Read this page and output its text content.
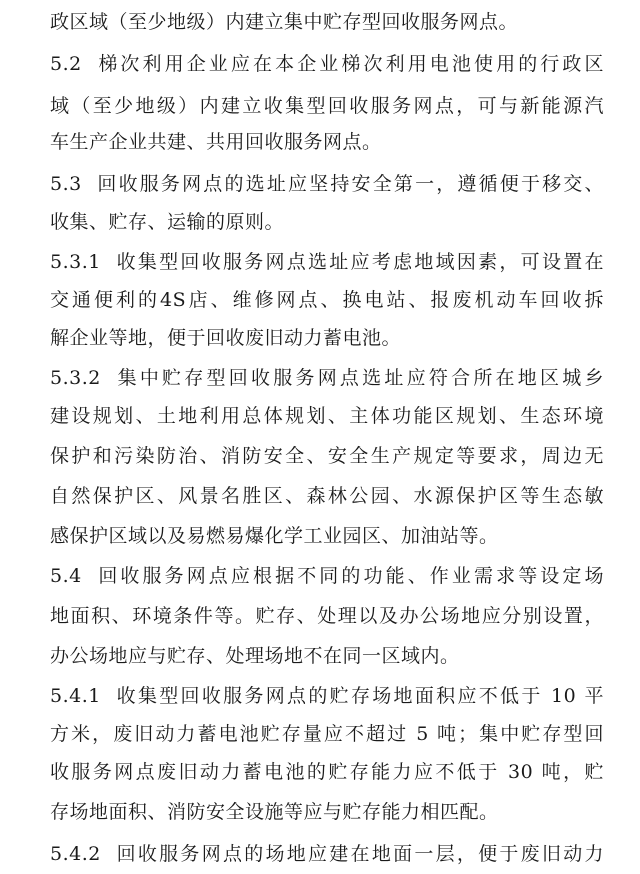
政区域（至少地级）内建立集中贮存型回收服务网点。
5.2 梯次利用企业应在本企业梯次利用电池使用的行政区
域（至少地级）内建立收集型回收服务网点，可与新能源汽
车生产企业共建、共用回收服务网点。
5.3 回收服务网点的选址应坚持安全第一，遵循便于移交、
收集、贮存、运输的原则。
5.3.1 收集型回收服务网点选址应考虑地域因素，可设置在
交通便利的4S店、维修网点、换电站、报废机动车回收拆
解企业等地，便于回收废旧动力蓄电池。
5.3.2 集中贮存型回收服务网点选址应符合所在地区城乡
建设规划、土地利用总体规划、主体功能区规划、生态环境
保护和污染防治、消防安全、安全生产规定等要求，周边无
自然保护区、风景名胜区、森林公园、水源保护区等生态敏
感保护区域以及易燃易爆化学工业园区、加油站等。
5.4 回收服务网点应根据不同的功能、作业需求等设定场
地面积、环境条件等。贮存、处理以及办公场地应分别设置，
办公场地应与贮存、处理场地不在同一区域内。
5.4.1 收集型回收服务网点的贮存场地面积应不低于 10 平
方米，废旧动力蓄电池贮存量应不超过 5 吨；集中贮存型回
收服务网点废旧动力蓄电池的贮存能力应不低于 30 吨，贮
存场地面积、消防安全设施等应与贮存能力相匹配。
5.4.2 回收服务网点的场地应建在地面一层，便于废旧动力
